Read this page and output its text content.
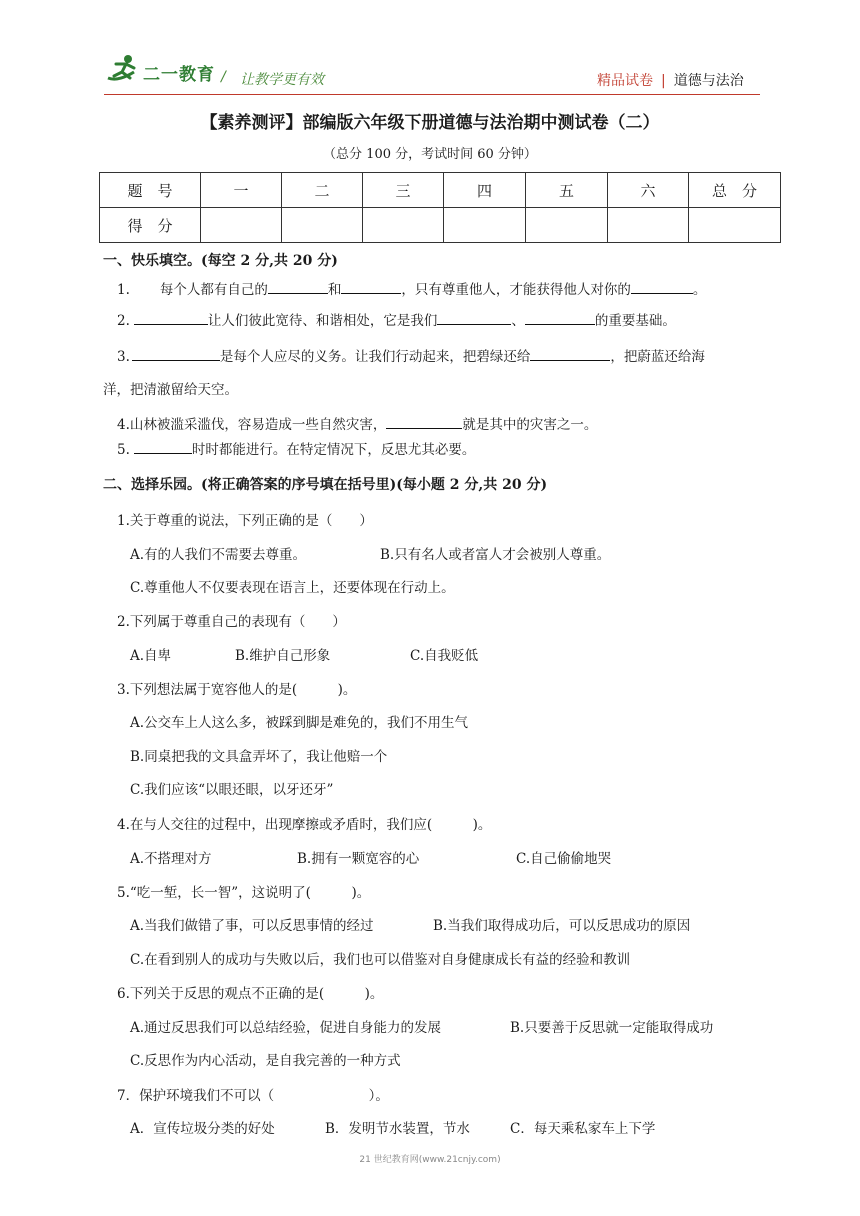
二一教育 / 让教学更有效	精品试卷 | 道德与法治
【素养测评】部编版六年级下册道德与法治期中测试卷（二）
（总分 100 分，考试时间 60 分钟）
题　号	一	二	三	四	五	六	总　分
得　分							
一、快乐填空。(每空 2 分,共 20 分)
1. 每个人都有自己的	和	，只有尊重他人，才能获得他人对你的	。
2.	让人们彼此宽待、和谐相处，它是我们	、	的重要基础。
3.	是每个人应尽的义务。让我们行动起来，把碧绿还给	，把蔚蓝还给海
洋，把清澈留给天空。
4.山林被滥采滥伐，容易造成一些自然灾害，	就是其中的灾害之一。
5.	时时都能进行。在特定情况下，反思尤其必要。
二、选择乐园。(将正确答案的序号填在括号里)(每小题 2 分,共 20 分)
1.关于尊重的说法，下列正确的是（　　）
A.有的人我们不需要去尊重。	B.只有名人或者富人才会被别人尊重。
C.尊重他人不仅要表现在语言上，还要体现在行动上。
2.下列属于尊重自己的表现有（　　）
A.自卑	B.维护自己形象	C.自我贬低
3.下列想法属于宽容他人的是(　　　)。
A.公交车上人这么多，被踩到脚是难免的，我们不用生气
B.同桌把我的文具盒弄坏了，我让他赔一个
C.我们应该“以眼还眼，以牙还牙”
4.在与人交往的过程中，出现摩擦或矛盾时，我们应(　　　)。
A.不搭理对方	B.拥有一颗宽容的心	C.自己偷偷地哭
5.“吃一堑，长一智”，这说明了(　　　)。
A.当我们做错了事，可以反思事情的经过	B.当我们取得成功后，可以反思成功的原因
C.在看到别人的成功与失败以后，我们也可以借鉴对自身健康成长有益的经验和教训
6.下列关于反思的观点不正确的是(　　　)。
A.通过反思我们可以总结经验，促进自身能力的发展	B.只要善于反思就一定能取得成功
C.反思作为内心活动，是自我完善的一种方式
7．保护环境我们不可以（　　　　　　　）。
A．宣传垃圾分类的好处	B．发明节水装置，节水	C．每天乘私家车上下学
21 世纪教育网(www.21cnjy.com)
